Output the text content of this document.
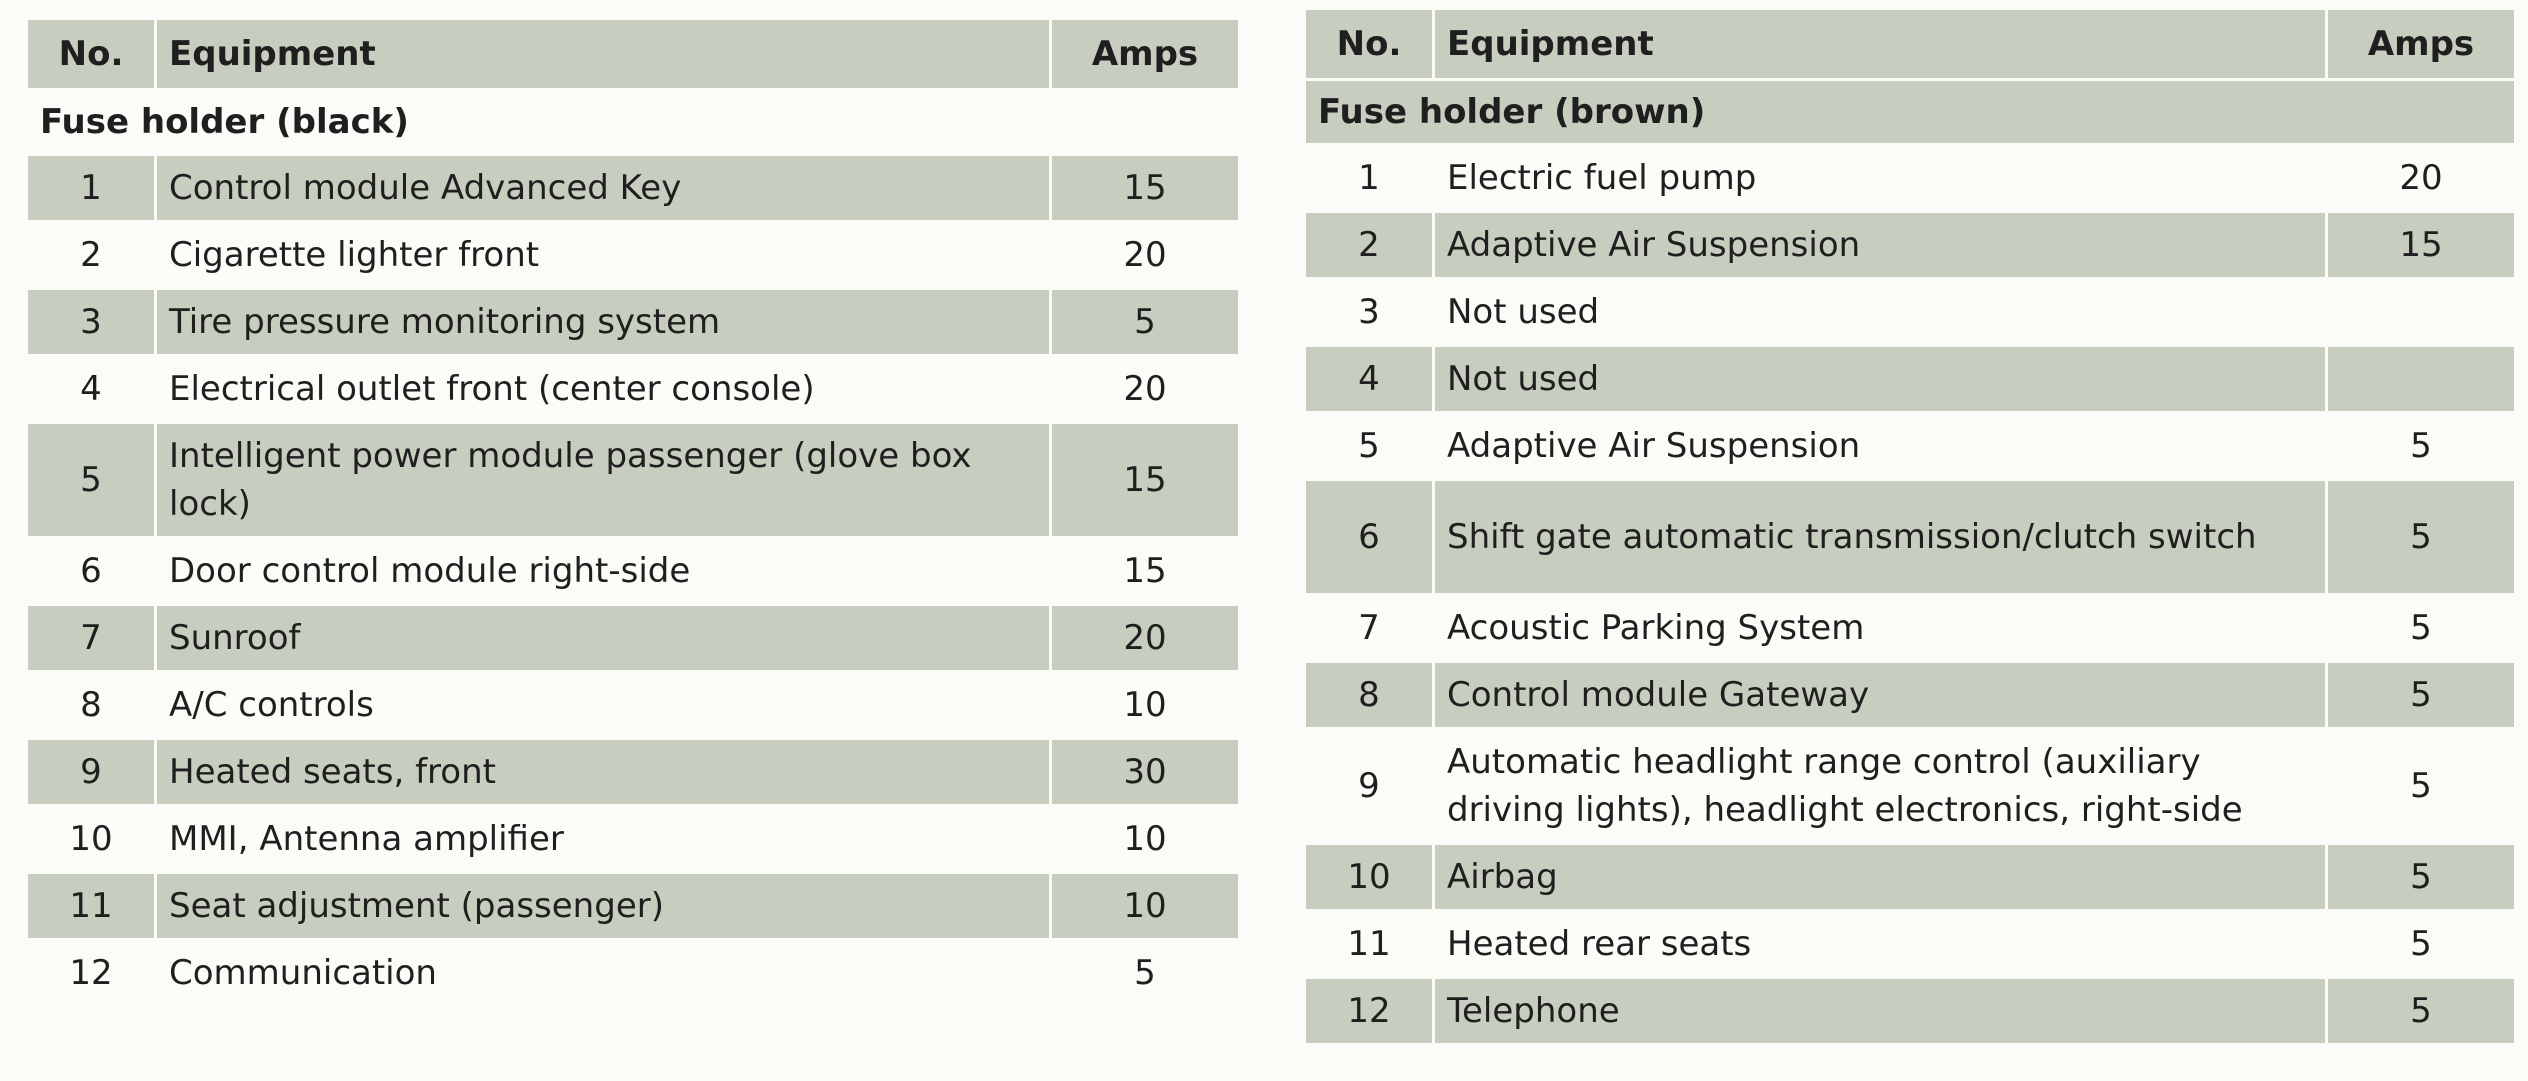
No.	Equipment	Amps
Fuse holder (black)		
1	Control module Advanced Key	15
2	Cigarette lighter front	20
3	Tire pressure monitoring system	5
4	Electrical outlet front (center console)	20
5	Intelligent power module passenger (glove box lock)	15
6	Door control module right-side	15
7	Sunroof	20
8	A/C controls	10
9	Heated seats, front	30
10	MMI, Antenna amplifier	10
11	Seat adjustment (passenger)	10
12	Communication	5
No.	Equipment	Amps
Fuse holder (brown)		
1	Electric fuel pump	20
2	Adaptive Air Suspension	15
3	Not used	
4	Not used	
5	Adaptive Air Suspension	5
6	Shift gate automatic transmission/clutch switch	5
7	Acoustic Parking System	5
8	Control module Gateway	5
9	Automatic headlight range control (auxiliary driving lights), headlight electronics, right-side	5
10	Airbag	5
11	Heated rear seats	5
12	Telephone	5
